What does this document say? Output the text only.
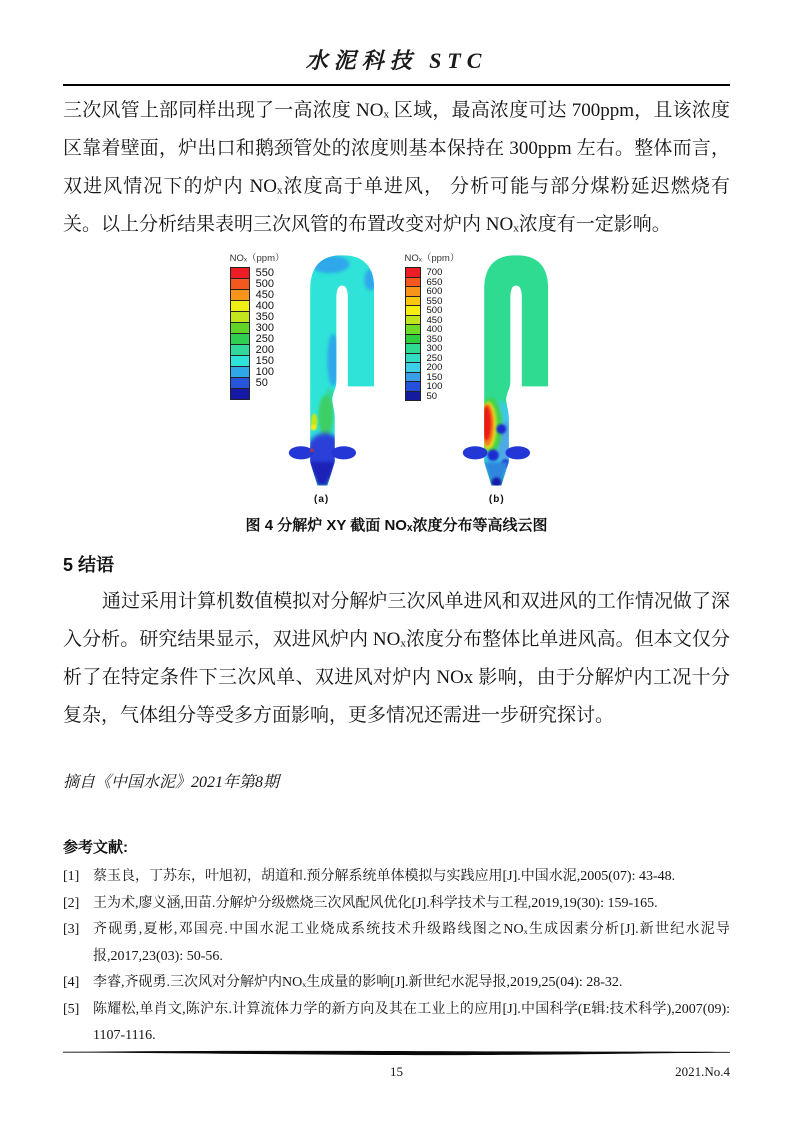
水泥科技 STC

三次风管上部同样出现了一高浓度 NOₓ 区域，最高浓度可达 700ppm，且该浓度区靠着壁面，炉出口和鹅颈管处的浓度则基本保持在 300ppm 左右。整体而言，双进风情况下的炉内 NOₓ浓度高于单进风， 分析可能与部分煤粉延迟燃烧有关。以上分析结果表明三次风管的布置改变对炉内 NOₓ浓度有一定影响。

NOₓ（ppm）
550
500
450
400
350
300
250
200
150
100
50
(a)
NOₓ（ppm）
700
650
600
550
500
450
400
350
300
250
200
150
100
50
(b)
图 4 分解炉 XY 截面 NOₓ浓度分布等高线云图
5 结语

通过采用计算机数值模拟对分解炉三次风单进风和双进风的工作情况做了深入分析。研究结果显示，双进风炉内 NOₓ浓度分布整体比单进风高。但本文仅分析了在特定条件下三次风单、双进风对炉内 NOx 影响，由于分解炉内工况十分复杂，气体组分等受多方面影响，更多情况还需进一步研究探讨。

摘自《中国水泥》2021年第8期
参考文献:
[1] 蔡玉良，丁苏东，叶旭初，胡道和.预分解系统单体模拟与实践应用[J].中国水泥,2005(07): 43-48.
[2] 王为术,廖义涵,田苗.分解炉分级燃烧三次风配风优化[J].科学技术与工程,2019,19(30): 159-165.
[3] 齐砚勇,夏彬,邓国亮.中国水泥工业烧成系统技术升级路线图之NOₓ生成因素分析[J].新世纪水泥导报,2017,23(03): 50-56.
[4] 李睿,齐砚勇.三次风对分解炉内NOₓ生成量的影响[J].新世纪水泥导报,2019,25(04): 28-32.
[5] 陈耀松,单肖文,陈沪东.计算流体力学的新方向及其在工业上的应用[J].中国科学(E辑:技术科学),2007(09): 1107-1116.
15	2021.No.4
